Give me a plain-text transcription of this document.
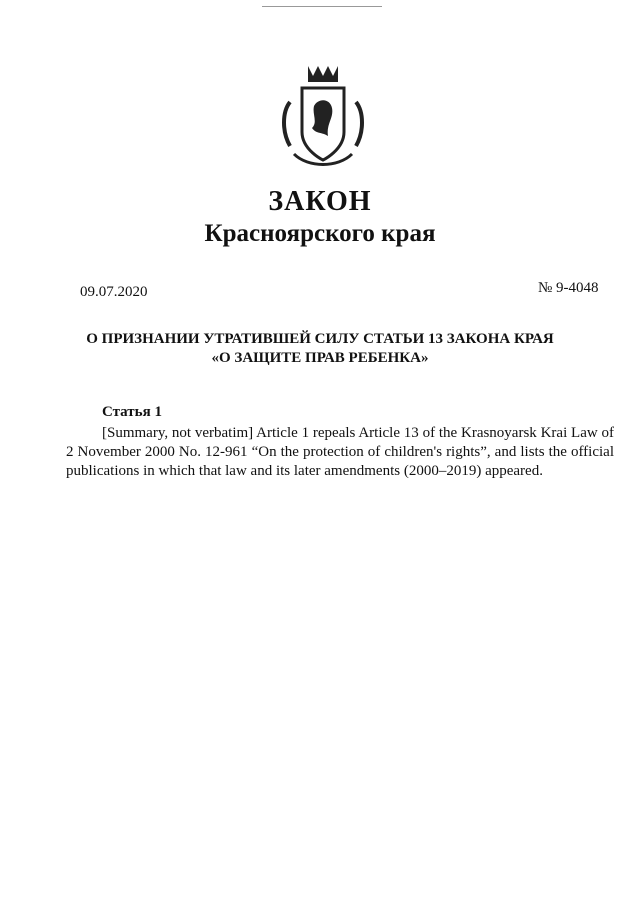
ЗАКОН
Красноярского края
09.07.2020	№ 9-4048
О ПРИЗНАНИИ УТРАТИВШЕЙ СИЛУ СТАТЬИ 13 ЗАКОНА КРАЯ
«О ЗАЩИТЕ ПРАВ РЕБЕНКА»
Статья 1
[Summary, not verbatim] Article 1 repeals Article 13 of the Krasnoyarsk Krai Law of 2 November 2000 No. 12-961 “On the protection of children's rights”, and lists the official publications in which that law and its later amendments (2000–2019) appeared.
